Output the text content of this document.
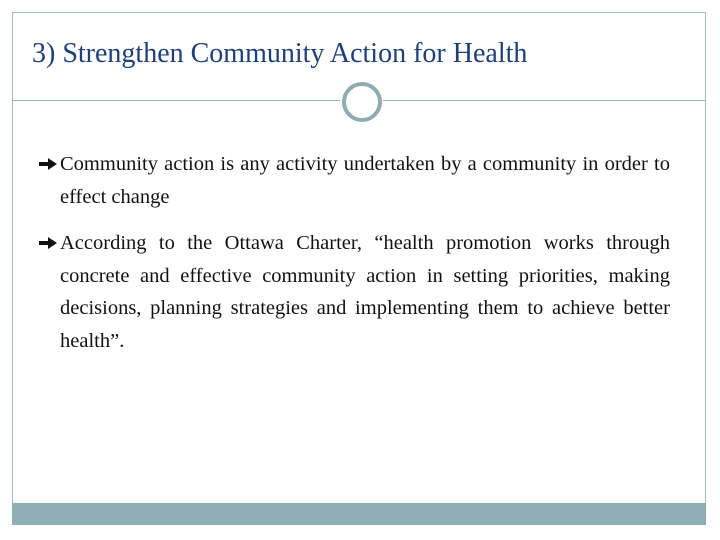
3) Strengthen Community Action for Health
Community action is any activity undertaken by a community in order to effect change
According to the Ottawa Charter, “health promotion works through concrete and effective community action in setting priorities, making decisions, planning strategies and implementing them to achieve better health”.
